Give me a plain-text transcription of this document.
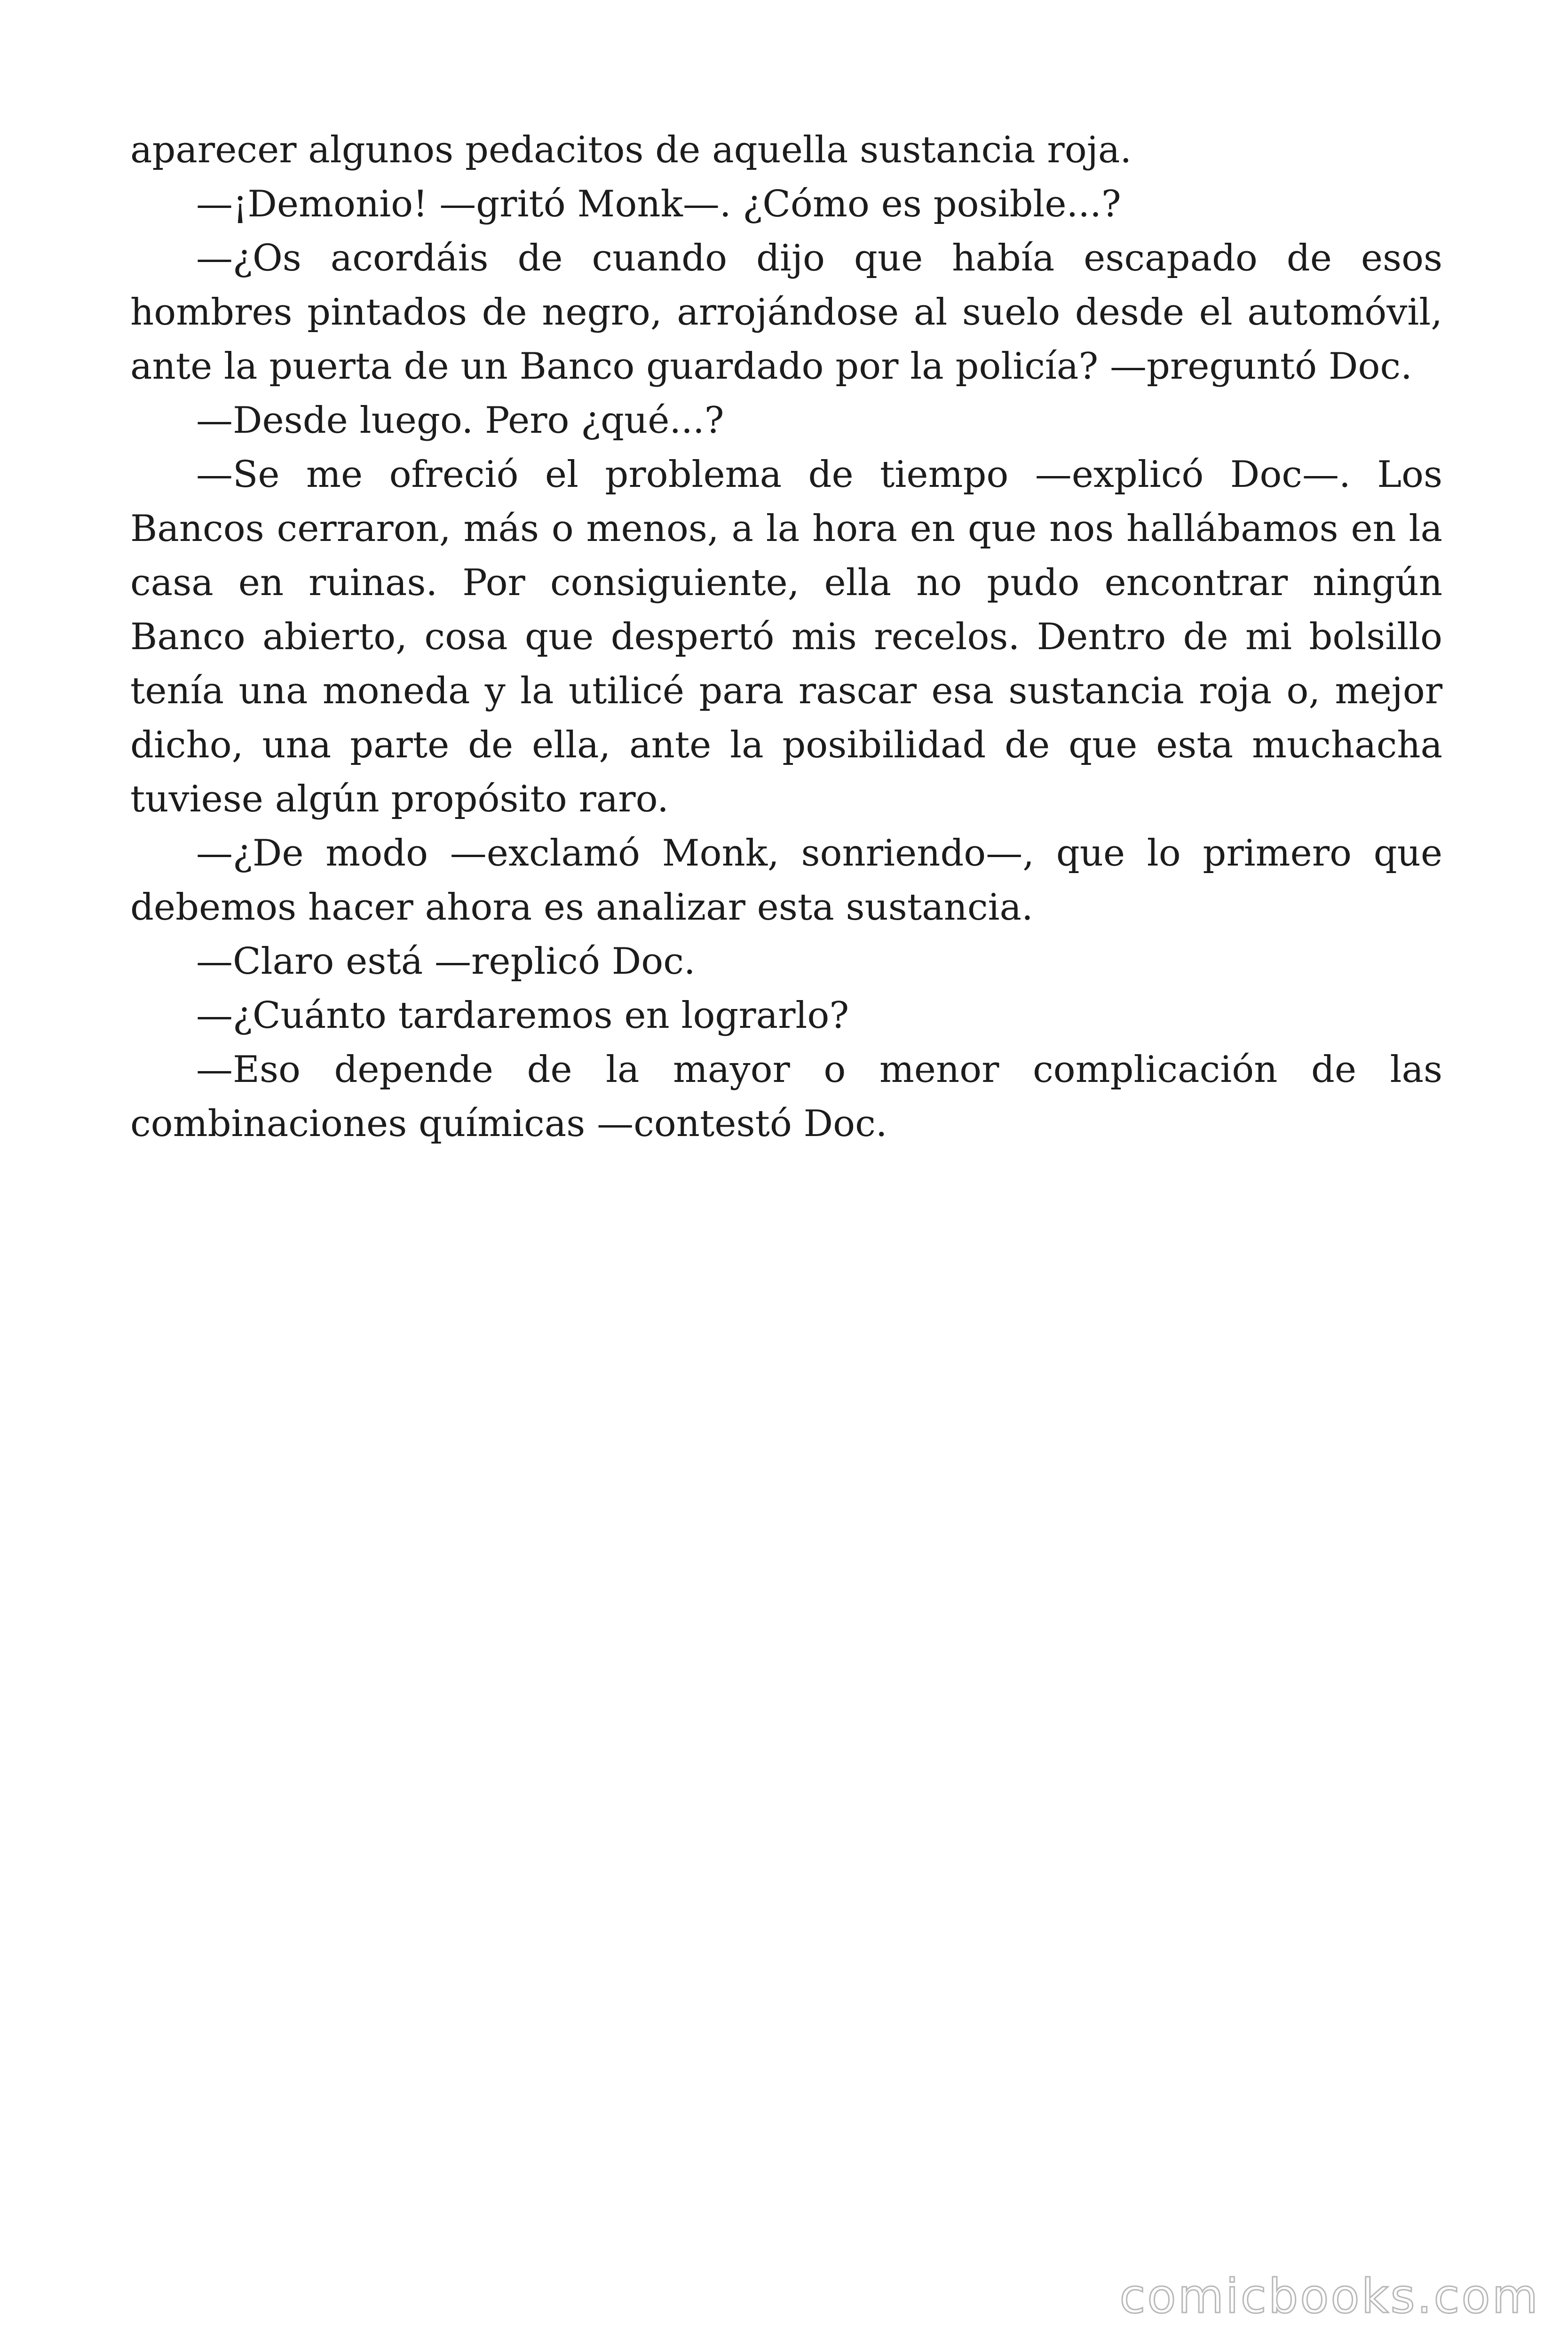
aparecer algunos pedacitos de aquella sustancia roja.

—¡Demonio! —gritó Monk—. ¿Cómo es posible...?

—¿Os acordáis de cuando dijo que había escapado de esos hombres pintados de negro, arrojándose al suelo desde el automóvil, ante la puerta de un Banco guardado por la policía? —preguntó Doc.

—Desde luego. Pero ¿qué...?

—Se me ofreció el problema de tiempo —explicó Doc—. Los Bancos cerraron, más o menos, a la hora en que nos hallábamos en la casa en ruinas. Por consiguiente, ella no pudo encontrar ningún Banco abierto, cosa que despertó mis recelos. Dentro de mi bolsillo tenía una moneda y la utilicé para rascar esa sustancia roja o, mejor dicho, una parte de ella, ante la posibilidad de que esta muchacha tuviese algún propósito raro.

—¿De modo —exclamó Monk, sonriendo—, que lo primero que debemos hacer ahora es analizar esta sustancia.

—Claro está —replicó Doc.

—¿Cuánto tardaremos en lograrlo?

—Eso depende de la mayor o menor complicación de las combinaciones químicas —contestó Doc.

comicbooks.com
